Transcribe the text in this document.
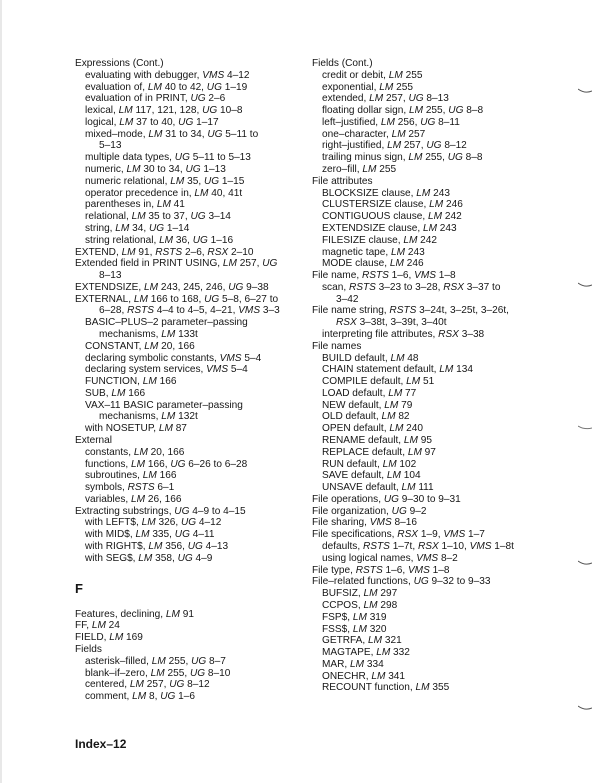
Expressions (Cont.)
evaluating with debugger, VMS 4–12
evaluation of, LM 40 to 42, UG 1–19
evaluation of in PRINT, UG 2–6
lexical, LM 117, 121, 128, UG 10–8
logical, LM 37 to 40, UG 1–17
mixed–mode, LM 31 to 34, UG 5–11 to
5–13
multiple data types, UG 5–11 to 5–13
numeric, LM 30 to 34, UG 1–13
numeric relational, LM 35, UG 1–15
operator precedence in, LM 40, 41t
parentheses in, LM 41
relational, LM 35 to 37, UG 3–14
string, LM 34, UG 1–14
string relational, LM 36, UG 1–16
EXTEND, LM 91, RSTS 2–6, RSX 2–10
Extended field in PRINT USING, LM 257, UG
8–13
EXTENDSIZE, LM 243, 245, 246, UG 9–38
EXTERNAL, LM 166 to 168, UG 5–8, 6–27 to
6–28, RSTS 4–4 to 4–5, 4–21, VMS 3–3
BASIC–PLUS–2 parameter–passing
mechanisms, LM 133t
CONSTANT, LM 20, 166
declaring symbolic constants, VMS 5–4
declaring system services, VMS 5–4
FUNCTION, LM 166
SUB, LM 166
VAX–11 BASIC parameter–passing
mechanisms, LM 132t
with NOSETUP, LM 87
External
constants, LM 20, 166
functions, LM 166, UG 6–26 to 6–28
subroutines, LM 166
symbols, RSTS 6–1
variables, LM 26, 166
Extracting substrings, UG 4–9 to 4–15
with LEFT$, LM 326, UG 4–12
with MID$, LM 335, UG 4–11
with RIGHT$, LM 356, UG 4–13
with SEG$, LM 358, UG 4–9
F
Features, declining, LM 91
FF, LM 24
FIELD, LM 169
Fields
asterisk–filled, LM 255, UG 8–7
blank–if–zero, LM 255, UG 8–10
centered, LM 257, UG 8–12
comment, LM 8, UG 1–6
Fields (Cont.)
credit or debit, LM 255
exponential, LM 255
extended, LM 257, UG 8–13
floating dollar sign, LM 255, UG 8–8
left–justified, LM 256, UG 8–11
one–character, LM 257
right–justified, LM 257, UG 8–12
trailing minus sign, LM 255, UG 8–8
zero–fill, LM 255
File attributes
BLOCKSIZE clause, LM 243
CLUSTERSIZE clause, LM 246
CONTIGUOUS clause, LM 242
EXTENDSIZE clause, LM 243
FILESIZE clause, LM 242
magnetic tape, LM 243
MODE clause, LM 246
File name, RSTS 1–6, VMS 1–8
scan, RSTS 3–23 to 3–28, RSX 3–37 to
3–42
File name string, RSTS 3–24t, 3–25t, 3–26t,
RSX 3–38t, 3–39t, 3–40t
interpreting file attributes, RSX 3–38
File names
BUILD default, LM 48
CHAIN statement default, LM 134
COMPILE default, LM 51
LOAD default, LM 77
NEW default, LM 79
OLD default, LM 82
OPEN default, LM 240
RENAME default, LM 95
REPLACE default, LM 97
RUN default, LM 102
SAVE default, LM 104
UNSAVE default, LM 111
File operations, UG 9–30 to 9–31
File organization, UG 9–2
File sharing, VMS 8–16
File specifications, RSX 1–9, VMS 1–7
defaults, RSTS 1–7t, RSX 1–10, VMS 1–8t
using logical names, VMS 8–2
File type, RSTS 1–6, VMS 1–8
File–related functions, UG 9–32 to 9–33
BUFSIZ, LM 297
CCPOS, LM 298
FSP$, LM 319
FSS$, LM 320
GETRFA, LM 321
MAGTAPE, LM 332
MAR, LM 334
ONECHR, LM 341
RECOUNT function, LM 355
Index–12
